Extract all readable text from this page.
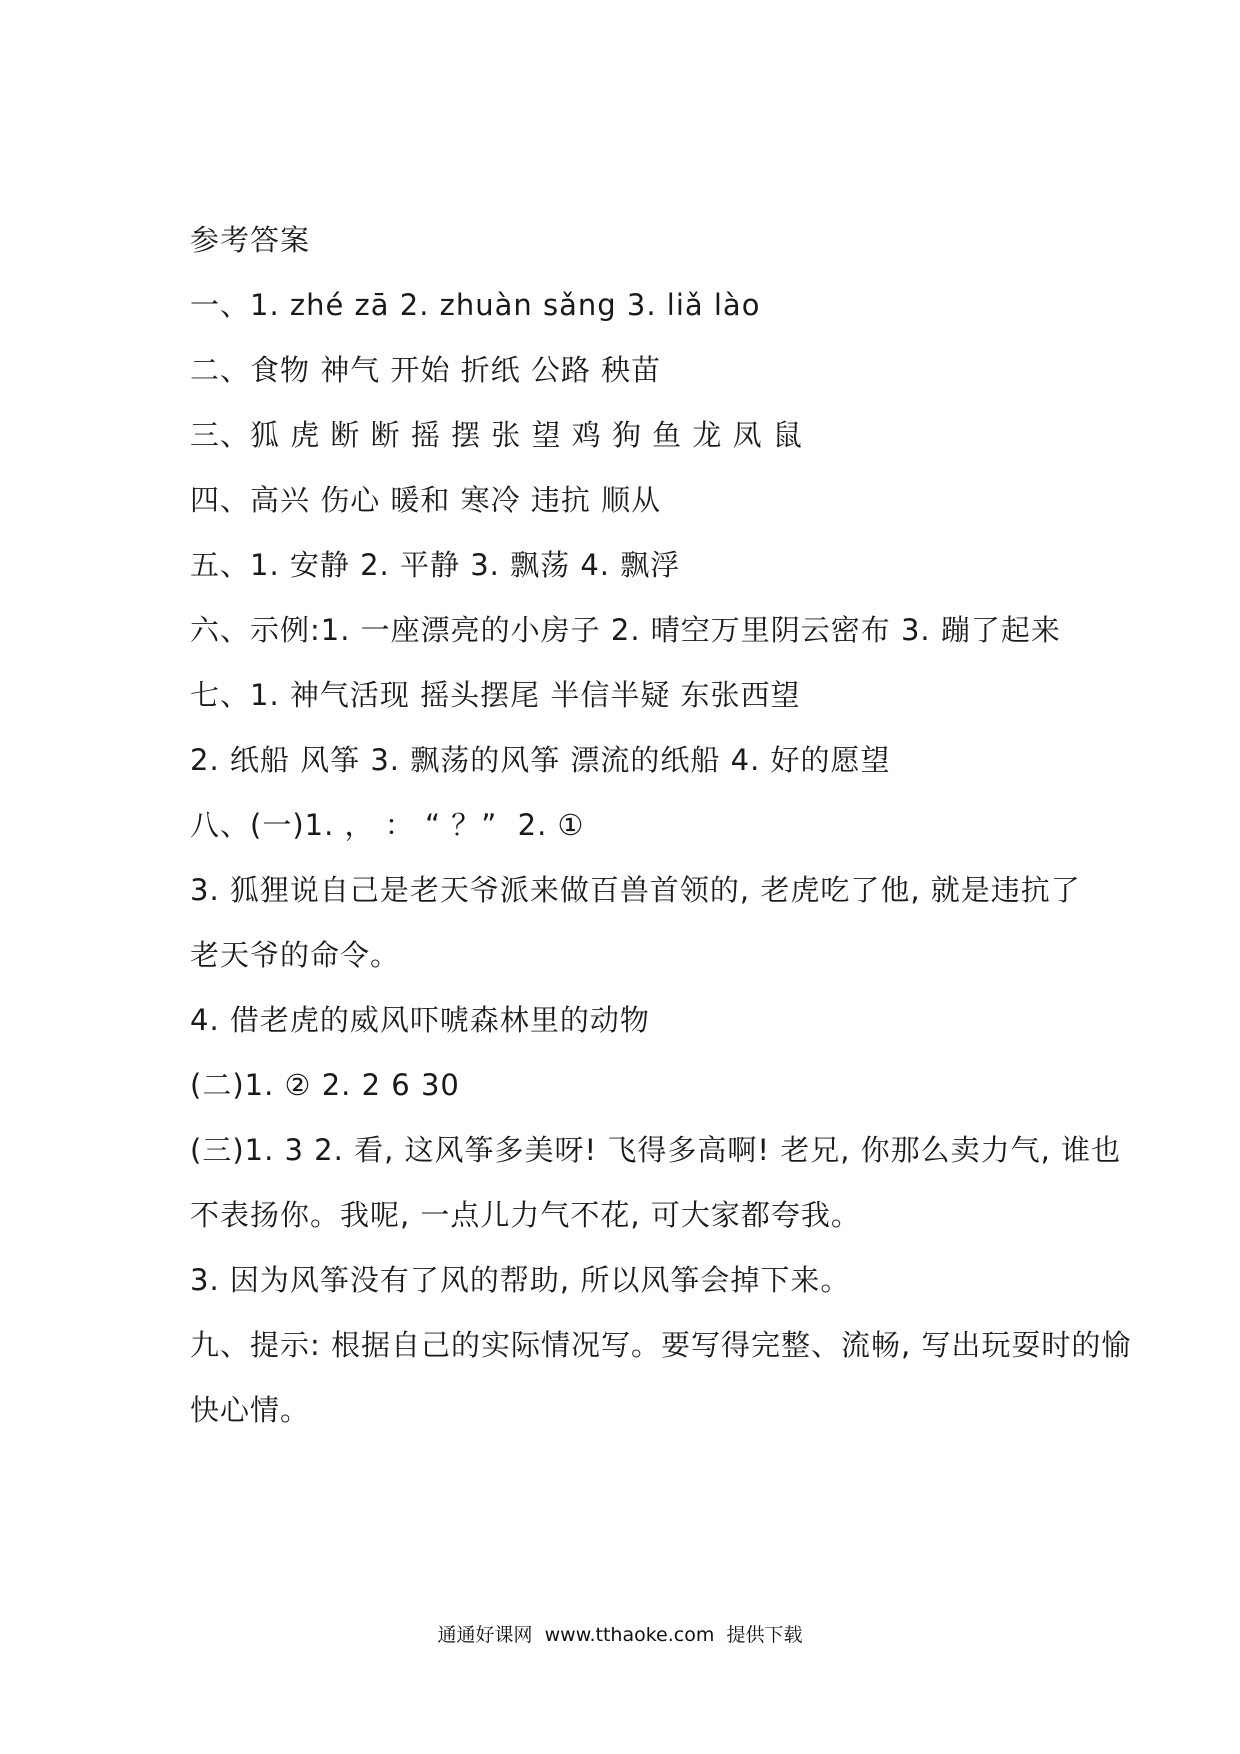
参考答案
一、1. zhé zā 2. zhuàn sǎng 3. liǎ lào
二、食物 神气 开始 折纸 公路 秧苗
三、狐 虎 断 断 摇 摆 张 望 鸡 狗 鱼 龙 凤 鼠
四、高兴 伤心 暖和 寒冷 违抗 顺从
五、1. 安静 2. 平静 3. 飘荡 4. 飘浮
六、示例:1. 一座漂亮的小房子 2. 晴空万里阴云密布 3. 蹦了起来
七、1. 神气活现 摇头摆尾 半信半疑 东张西望
2. 纸船 风筝 3. 飘荡的风筝 漂流的纸船 4. 好的愿望
八、(一)1. ， ： “ ？”  2. ①
3. 狐狸说自己是老天爷派来做百兽首领的, 老虎吃了他, 就是违抗了
老天爷的命令。
4. 借老虎的威风吓唬森林里的动物
(二)1. ② 2. 2 6 30
(三)1. 3 2. 看, 这风筝多美呀! 飞得多高啊! 老兄, 你那么卖力气, 谁也
不表扬你。我呢, 一点儿力气不花, 可大家都夸我。
3. 因为风筝没有了风的帮助, 所以风筝会掉下来。
九、提示: 根据自己的实际情况写。要写得完整、流畅, 写出玩耍时的愉
快心情。
通通好课网  www.tthaoke.com  提供下载
